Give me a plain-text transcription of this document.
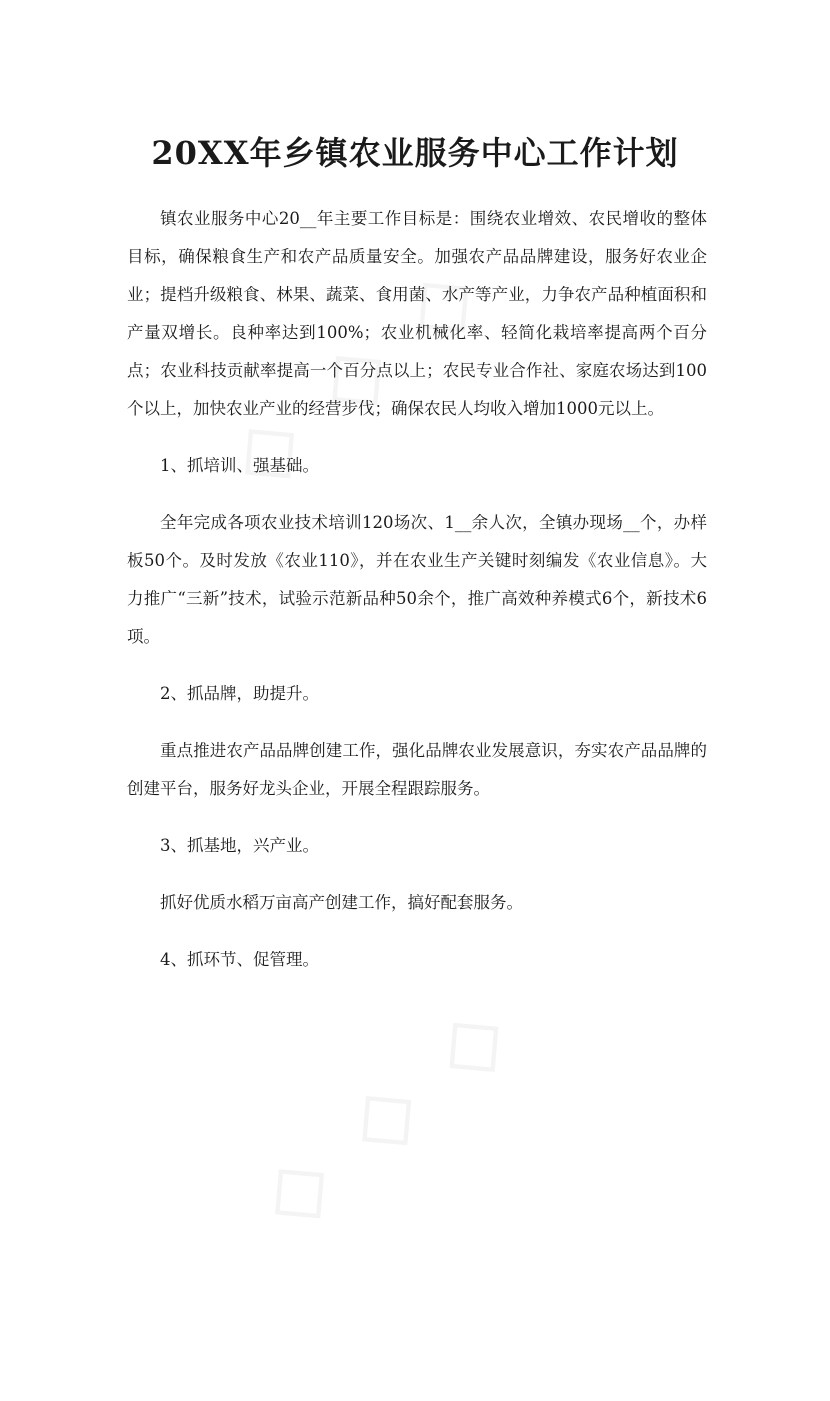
20XX年乡镇农业服务中心工作计划

镇农业服务中心20__年主要工作目标是：围绕农业增效、农民增收的整体目标，确保粮食生产和农产品质量安全。加强农产品品牌建设，服务好农业企业；提档升级粮食、林果、蔬菜、食用菌、水产等产业，力争农产品种植面积和产量双增长。良种率达到100%；农业机械化率、轻简化栽培率提高两个百分点；农业科技贡献率提高一个百分点以上；农民专业合作社、家庭农场达到100个以上，加快农业产业的经营步伐；确保农民人均收入增加1000元以上。

1、抓培训、强基础。

全年完成各项农业技术培训120场次、1__余人次，全镇办现场__个，办样板50个。及时发放《农业110》，并在农业生产关键时刻编发《农业信息》。大力推广“三新”技术，试验示范新品种50余个，推广高效种养模式6个，新技术6项。

2、抓品牌，助提升。

重点推进农产品品牌创建工作，强化品牌农业发展意识，夯实农产品品牌的创建平台，服务好龙头企业，开展全程跟踪服务。

3、抓基地，兴产业。

抓好优质水稻万亩高产创建工作，搞好配套服务。

4、抓环节、促管理。
